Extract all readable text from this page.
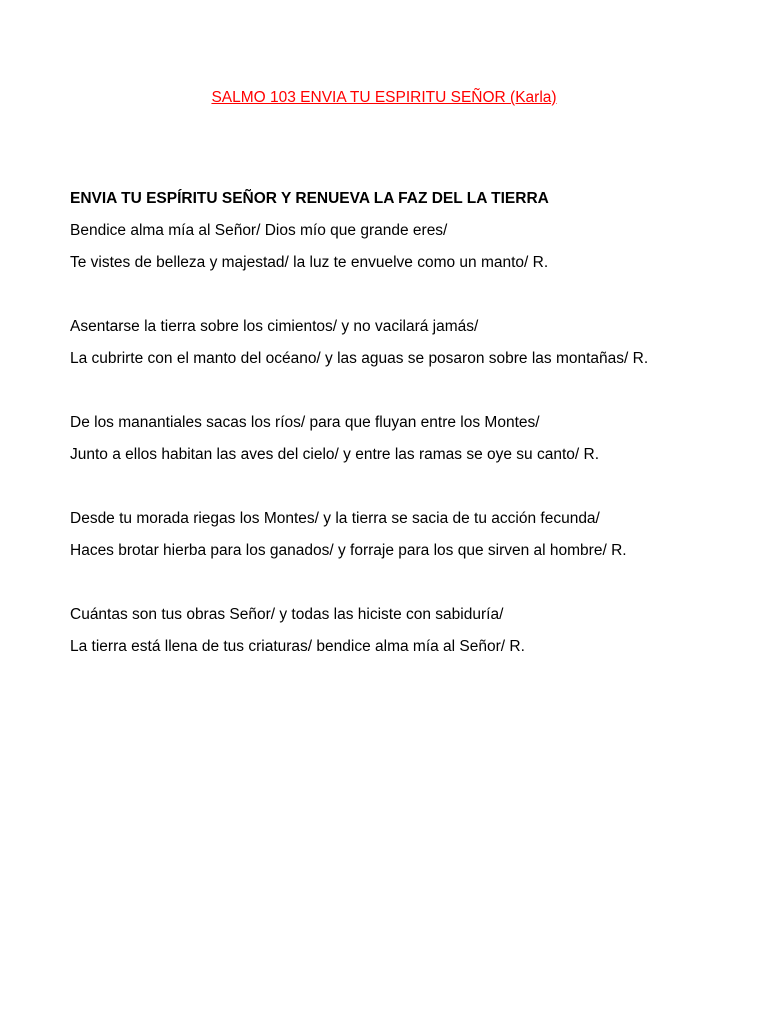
SALMO 103 ENVIA TU ESPIRITU SEÑOR (Karla)
ENVIA TU ESPÍRITU SEÑOR Y RENUEVA LA FAZ DEL LA TIERRA
Bendice alma mía al Señor/ Dios mío que grande eres/
Te vistes de belleza y majestad/ la luz te envuelve como un manto/ R.
Asentarse la tierra sobre los cimientos/ y no vacilará jamás/
La cubrirte con el manto del océano/ y las aguas se posaron sobre las montañas/ R.
De los manantiales sacas los ríos/ para que fluyan entre los Montes/
Junto a ellos habitan las aves del cielo/ y entre las ramas se oye su canto/ R.
Desde tu morada riegas los Montes/ y la tierra se sacia de tu acción fecunda/
Haces brotar hierba para los ganados/ y forraje para los que sirven al hombre/ R.
Cuántas son tus obras Señor/ y todas las hiciste con sabiduría/
La tierra está llena de tus criaturas/ bendice alma mía al Señor/ R.
